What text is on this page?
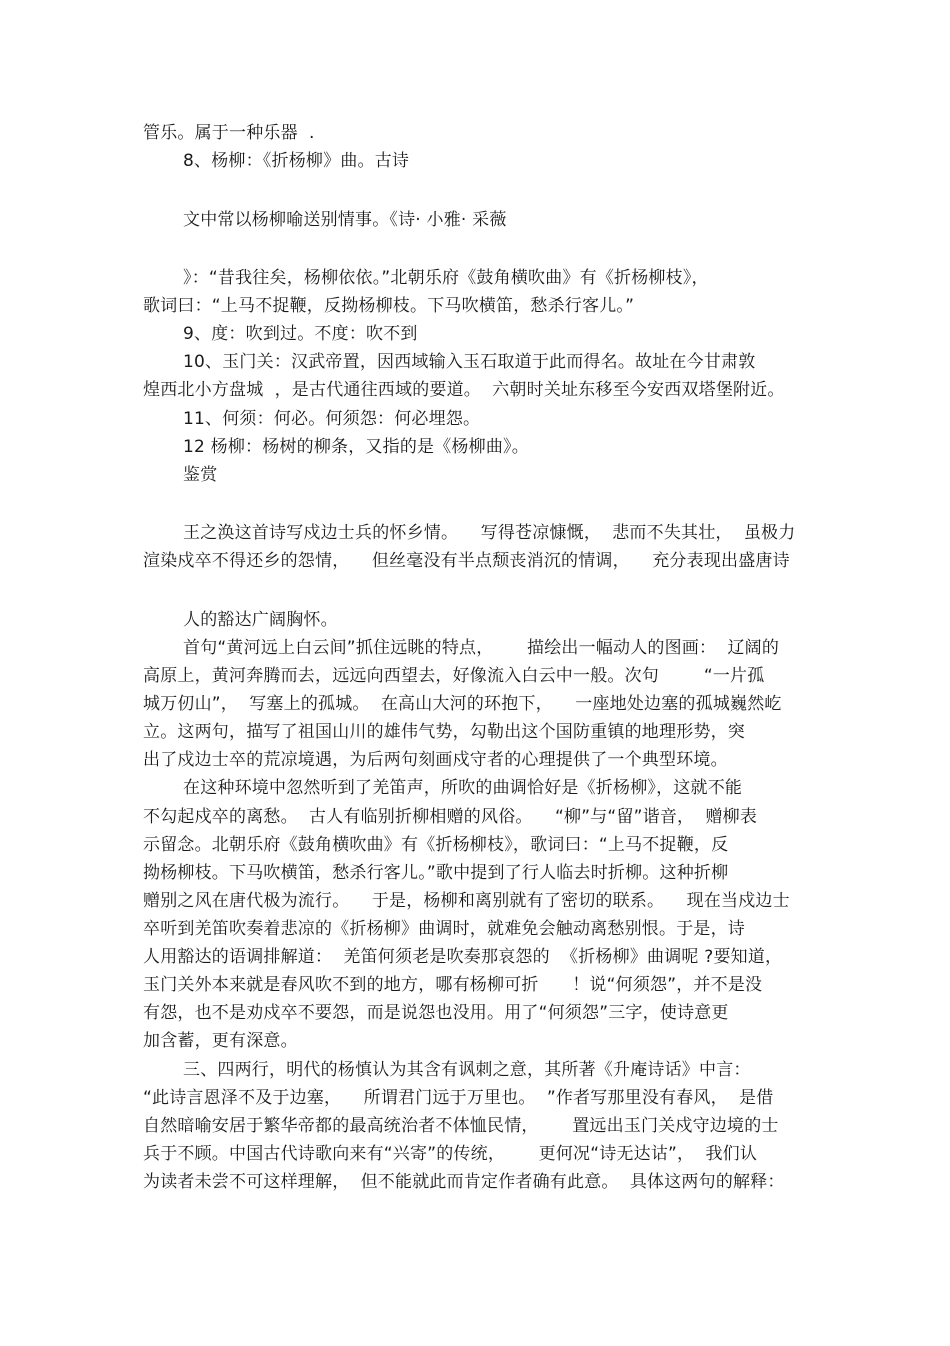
管乐。属于一种乐器  .
8、杨柳：《折杨柳》曲。古诗
文中常以杨柳喻送别情事。《诗· 小雅· 采薇
》：“昔我往矣，杨柳依依。”北朝乐府《鼓角横吹曲》有《折杨柳枝》，
歌词曰：“上马不捉鞭，反拗杨柳枝。下马吹横笛，愁杀行客儿。”
9、度：吹到过。不度：吹不到
10、玉门关：汉武帝置，因西域输入玉石取道于此而得名。故址在今甘肃敦
煌西北小方盘城  ，是古代通往西域的要道。  六朝时关址东移至今安西双塔堡附近。
11、何须：何必。何须怨：何必埋怨。
12 杨柳：杨树的柳条，又指的是《杨柳曲》。
鉴赏
王之涣这首诗写戍边士兵的怀乡情。    写得苍凉慷慨，  悲而不失其壮，  虽极力
渲染戍卒不得还乡的怨情，    但丝毫没有半点颓丧消沉的情调，    充分表现出盛唐诗
人的豁达广阔胸怀。
首句“黄河远上白云间”抓住远眺的特点，      描绘出一幅动人的图画：  辽阔的
高原上，黄河奔腾而去，远远向西望去，好像流入白云中一般。次句        “一片孤
城万仞山”，  写塞上的孤城。  在高山大河的环抱下，    一座地处边塞的孤城巍然屹
立。这两句，描写了祖国山川的雄伟气势，勾勒出这个国防重镇的地理形势，突
出了戍边士卒的荒凉境遇，为后两句刻画戍守者的心理提供了一个典型环境。
在这种环境中忽然听到了羌笛声，所吹的曲调恰好是《折杨柳》，这就不能
不勾起戍卒的离愁。  古人有临别折柳相赠的风俗。    “柳”与“留”谐音，  赠柳表
示留念。北朝乐府《鼓角横吹曲》有《折杨柳枝》，歌词曰：“上马不捉鞭，反
拗杨柳枝。下马吹横笛，愁杀行客儿。”歌中提到了行人临去时折柳。这种折柳
赠别之风在唐代极为流行。    于是，杨柳和离别就有了密切的联系。    现在当戍边士
卒听到羌笛吹奏着悲凉的《折杨柳》曲调时，就难免会触动离愁别恨。于是，诗
人用豁达的语调排解道：  羌笛何须老是吹奏那哀怨的  《折杨柳》曲调呢 ?要知道，
玉门关外本来就是春风吹不到的地方，哪有杨柳可折      ！说“何须怨”，并不是没
有怨，也不是劝戍卒不要怨，而是说怨也没用。用了“何须怨”三字，使诗意更
加含蓄，更有深意。
三、四两行，明代的杨慎认为其含有讽刺之意，其所著《升庵诗话》中言：
“此诗言恩泽不及于边塞，    所谓君门远于万里也。  ”作者写那里没有春风，  是借
自然暗喻安居于繁华帝都的最高统治者不体恤民情，      置远出玉门关戍守边境的士
兵于不顾。中国古代诗歌向来有“兴寄”的传统，      更何况“诗无达诂”，  我们认
为读者未尝不可这样理解，  但不能就此而肯定作者确有此意。  具体这两句的解释：
